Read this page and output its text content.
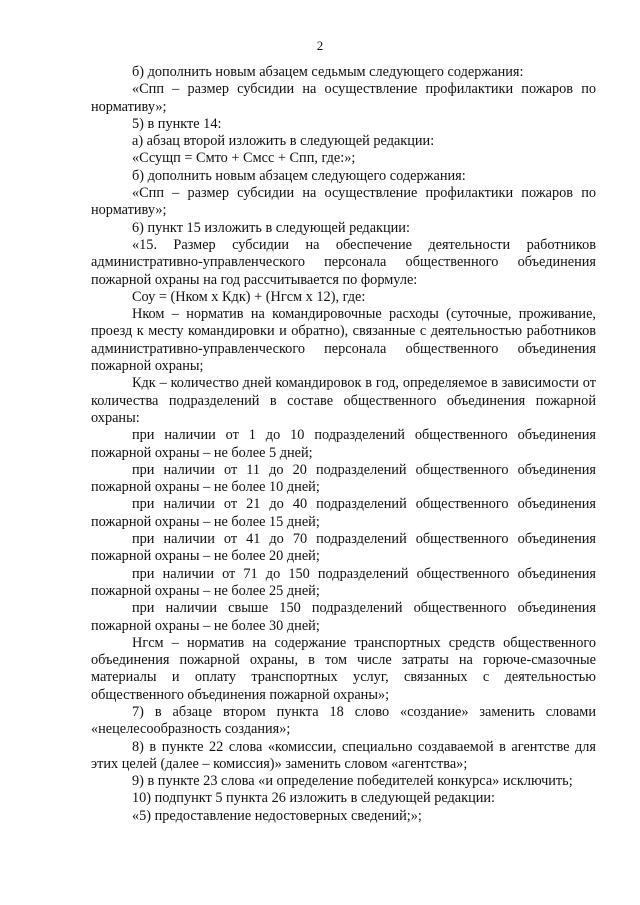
2

б) дополнить новым абзацем седьмым следующего содержания:

«Спп – размер субсидии на осуществление профилактики пожаров по нормативу»;

5) в пункте 14:

а) абзац второй изложить в следующей редакции:

«Ссущп = Смто + Смсс + Спп, где:»;

б) дополнить новым абзацем следующего содержания:

«Спп – размер субсидии на осуществление профилактики пожаров по нормативу»;

6) пункт 15 изложить в следующей редакции:

«15. Размер субсидии на обеспечение деятельности работников административно-управленческого персонала общественного объединения пожарной охраны на год рассчитывается по формуле:

Соу = (Нком х Кдк) + (Нгсм х 12), где:

Нком – норматив на командировочные расходы (суточные, проживание, проезд к месту командировки и обратно), связанные с деятельностью работников административно-управленческого персонала общественного объединения пожарной охраны;

Кдк – количество дней командировок в год, определяемое в зависимости от количества подразделений в составе общественного объединения пожарной охраны:

при наличии от 1 до 10 подразделений общественного объединения пожарной охраны – не более 5 дней;

при наличии от 11 до 20 подразделений общественного объединения пожарной охраны – не более 10 дней;

при наличии от 21 до 40 подразделений общественного объединения пожарной охраны – не более 15 дней;

при наличии от 41 до 70 подразделений общественного объединения пожарной охраны – не более 20 дней;

при наличии от 71 до 150 подразделений общественного объединения пожарной охраны – не более 25 дней;

при наличии свыше 150 подразделений общественного объединения пожарной охраны – не более 30 дней;

Нгсм – норматив на содержание транспортных средств общественного объединения пожарной охраны, в том числе затраты на горюче-смазочные материалы и оплату транспортных услуг, связанных с деятельностью общественного объединения пожарной охраны»;

7) в абзаце втором пункта 18 слово «создание» заменить словами «нецелесообразность создания»;

8) в пункте 22 слова «комиссии, специально создаваемой в агентстве для этих целей (далее – комиссия)» заменить словом «агентства»;

9) в пункте 23 слова «и определение победителей конкурса» исключить;

10) подпункт 5 пункта 26 изложить в следующей редакции:

«5) предоставление недостоверных сведений;»;
